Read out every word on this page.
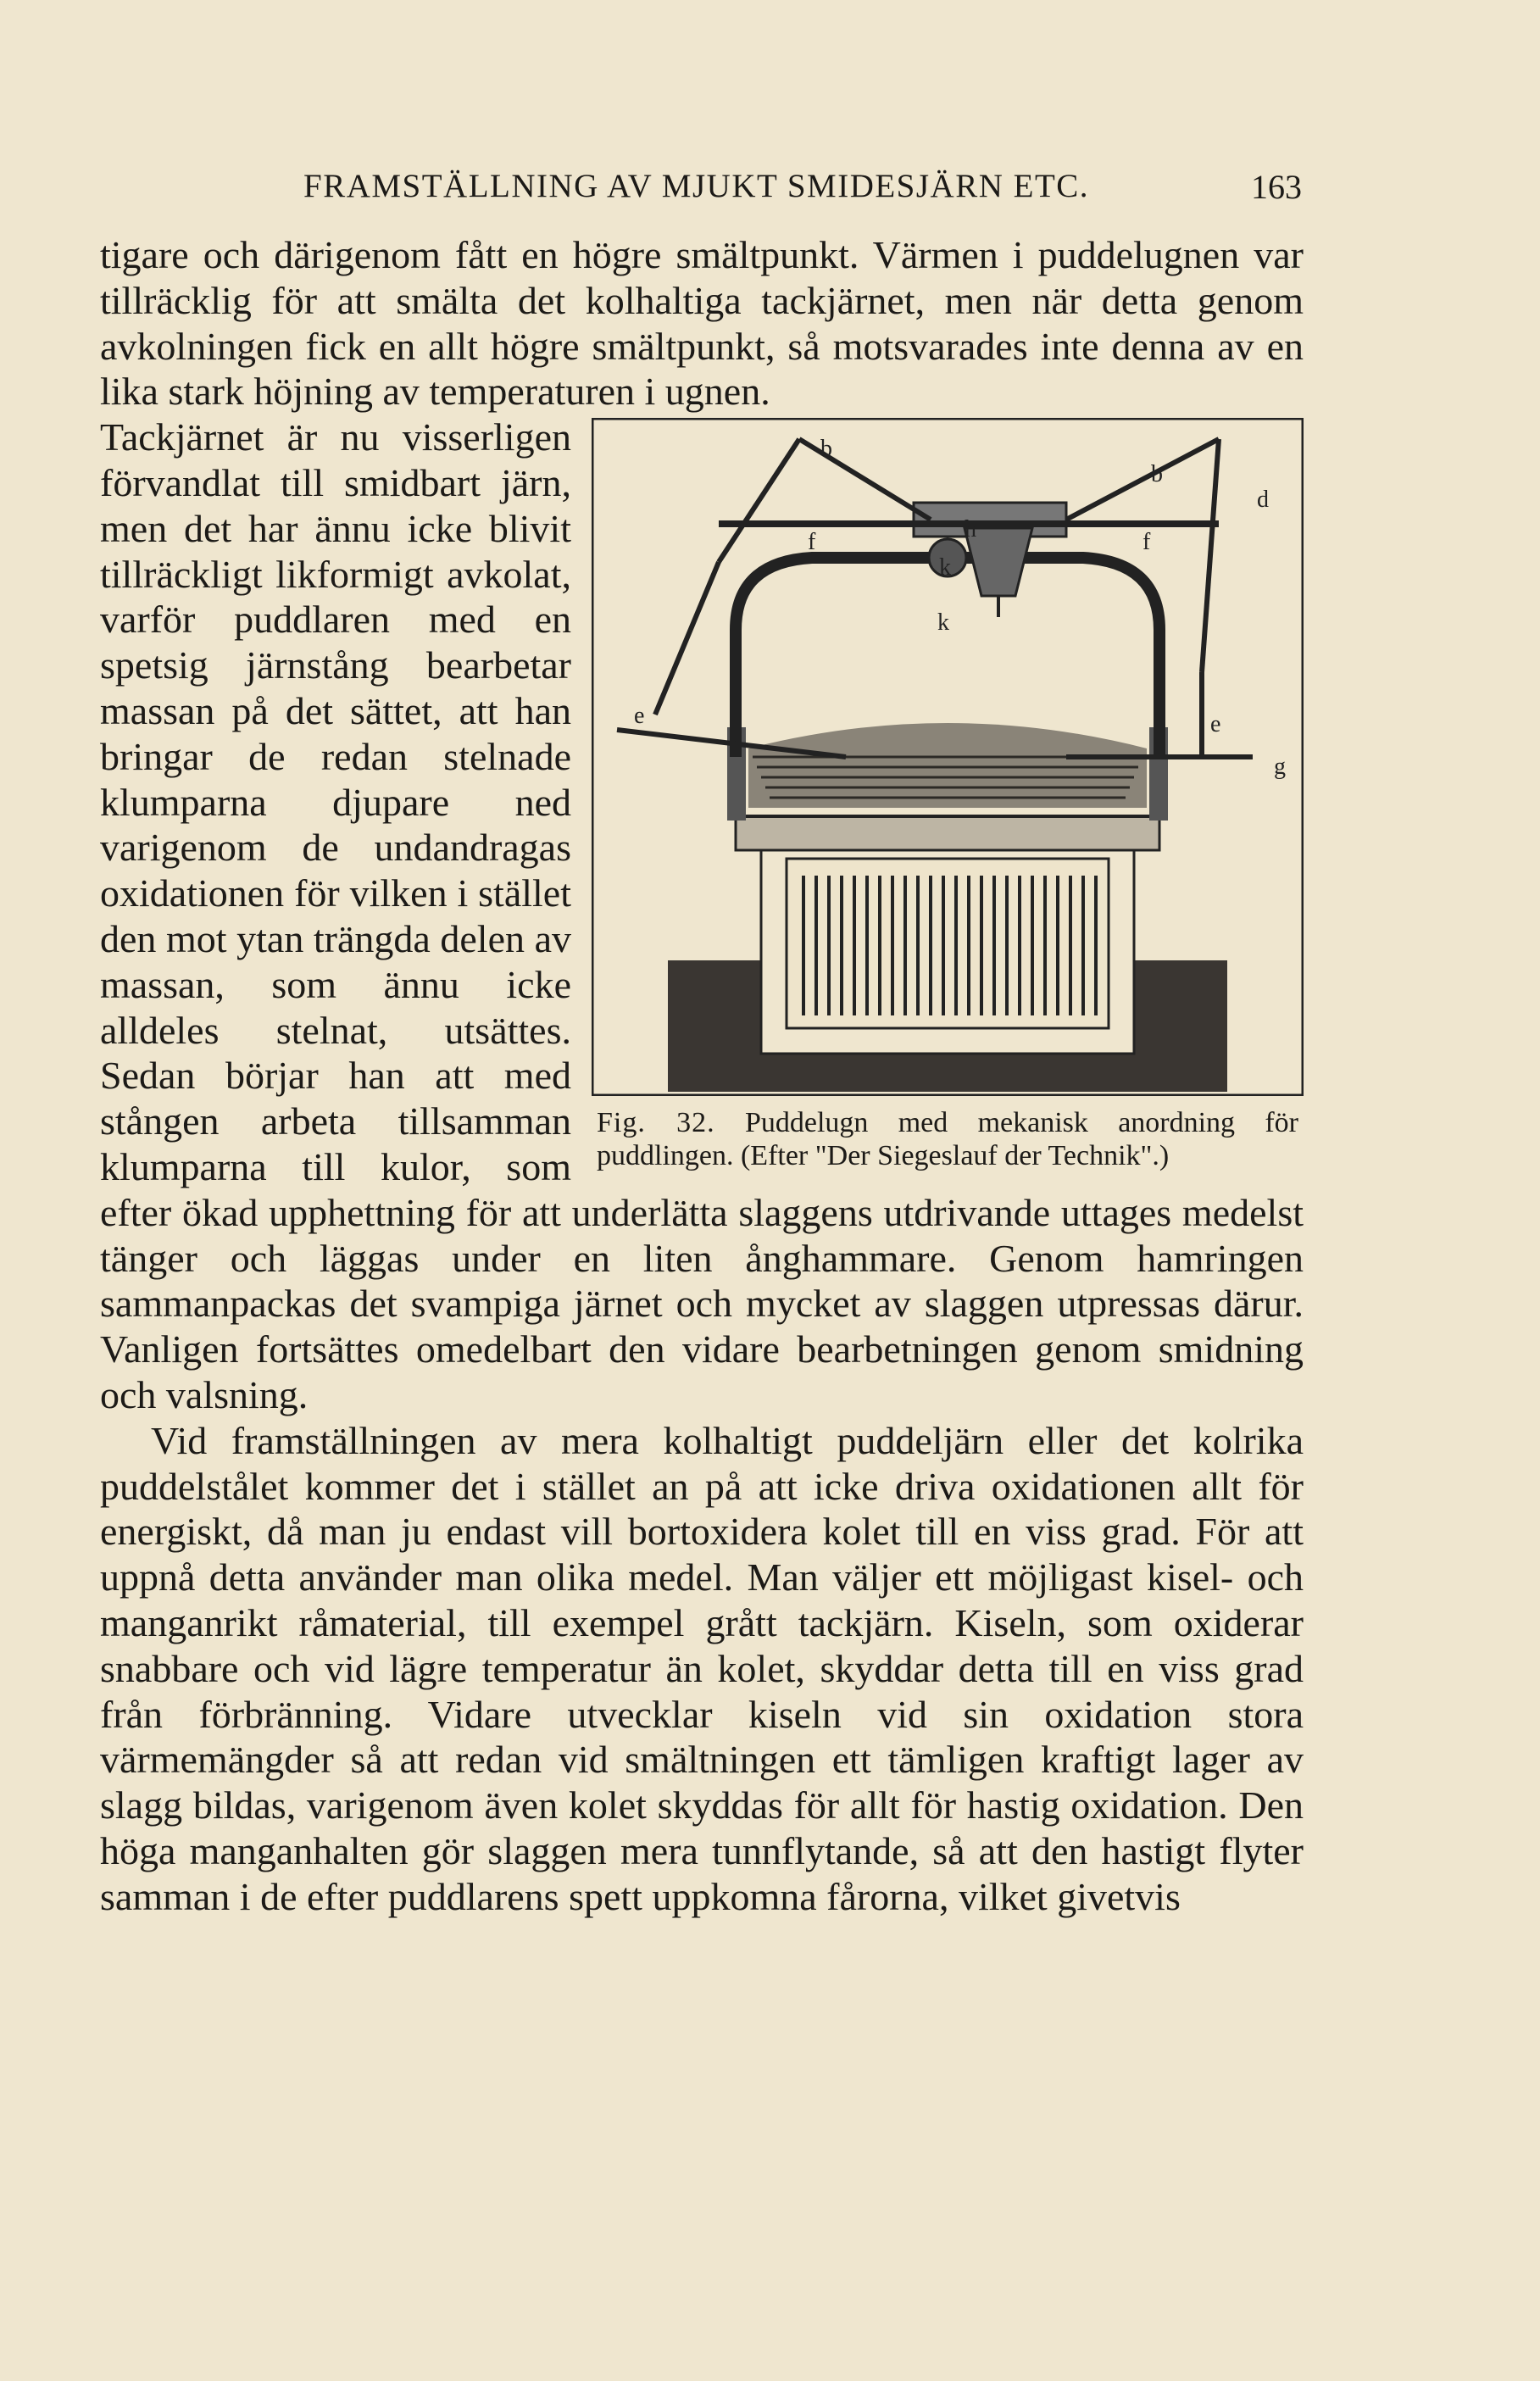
FRAMSTÄLLNING AV MJUKT SMIDESJÄRN ETC.	163

tigare och därigenom fått en högre smältpunkt. Värmen i puddelugnen var tillräcklig för att smälta det kolhaltiga tackjärnet, men när detta genom avkolningen fick en allt högre smältpunkt, så motsvarades inte denna av en lika stark höjning av temperaturen i ugnen.

b
b
d
f	f
h
k
k
e	e
g
Fig. 32. Puddelugn med mekanisk anordning för puddlingen. (Efter "Der Siegeslauf der Technik".)

Tackjärnet är nu visserligen förvandlat till smidbart järn, men det har ännu icke blivit tillräckligt likformigt avkolat, varför puddlaren med en spetsig järnstång bearbetar massan på det sättet, att han bringar de redan stelnade klumparna djupare ned varigenom de undandragas oxidationen för vilken i stället den mot ytan trängda delen av massan, som ännu icke alldeles stelnat, utsättes. Sedan börjar han att med stången arbeta tillsamman klumparna till kulor, som efter ökad upphettning för att underlätta slaggens utdrivande uttages medelst tänger och läggas under en liten ånghammare. Genom hamringen sammanpackas det svampiga järnet och mycket av slaggen utpressas därur. Vanligen fortsättes omedelbart den vidare bearbetningen genom smidning och valsning.

Vid framställningen av mera kolhaltigt puddeljärn eller det kolrika puddelstålet kommer det i stället an på att icke driva oxidationen allt för energiskt, då man ju endast vill bortoxidera kolet till en viss grad. För att uppnå detta använder man olika medel. Man väljer ett möjligast kisel- och manganrikt råmaterial, till exempel grått tackjärn. Kiseln, som oxiderar snabbare och vid lägre temperatur än kolet, skyddar detta till en viss grad från förbränning. Vidare utvecklar kiseln vid sin oxidation stora värmemängder så att redan vid smältningen ett tämligen kraftigt lager av slagg bildas, varigenom även kolet skyddas för allt för hastig oxidation. Den höga manganhalten gör slaggen mera tunnflytande, så att den hastigt flyter samman i de efter puddlarens spett uppkomna fårorna, vilket givetvis
